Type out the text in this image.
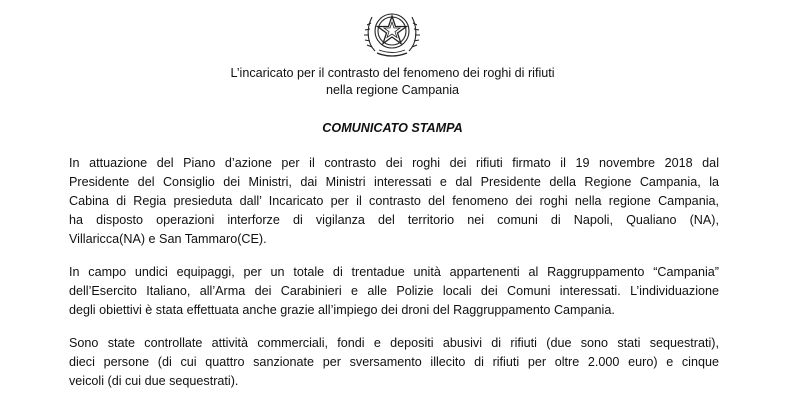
L’incaricato per il contrasto del fenomeno dei roghi di rifiuti
nella regione Campania
COMUNICATO STAMPA

In attuazione del Piano d’azione per il contrasto dei roghi dei rifiuti firmato il 19 novembre 2018 dal
Presidente del Consiglio dei Ministri, dai Ministri interessati e dal Presidente della Regione Campania, la
Cabina di Regia presieduta dall’ Incaricato per il contrasto del fenomeno dei roghi nella regione Campania,
ha disposto operazioni interforze di vigilanza del territorio nei comuni di Napoli, Qualiano (NA),
Villaricca(NA) e San Tammaro(CE).

In campo undici equipaggi, per un totale di trentadue unità appartenenti al Raggruppamento “Campania”
dell’Esercito Italiano, all’Arma dei Carabinieri e alle Polizie locali dei Comuni interessati. L’individuazione
degli obiettivi è stata effettuata anche grazie all’impiego dei droni del Raggruppamento Campania.

Sono state controllate attività commerciali, fondi e depositi abusivi di rifiuti (due sono stati sequestrati),
dieci persone (di cui quattro sanzionate per sversamento illecito di rifiuti per oltre 2.000 euro) e cinque
veicoli (di cui due sequestrati).
